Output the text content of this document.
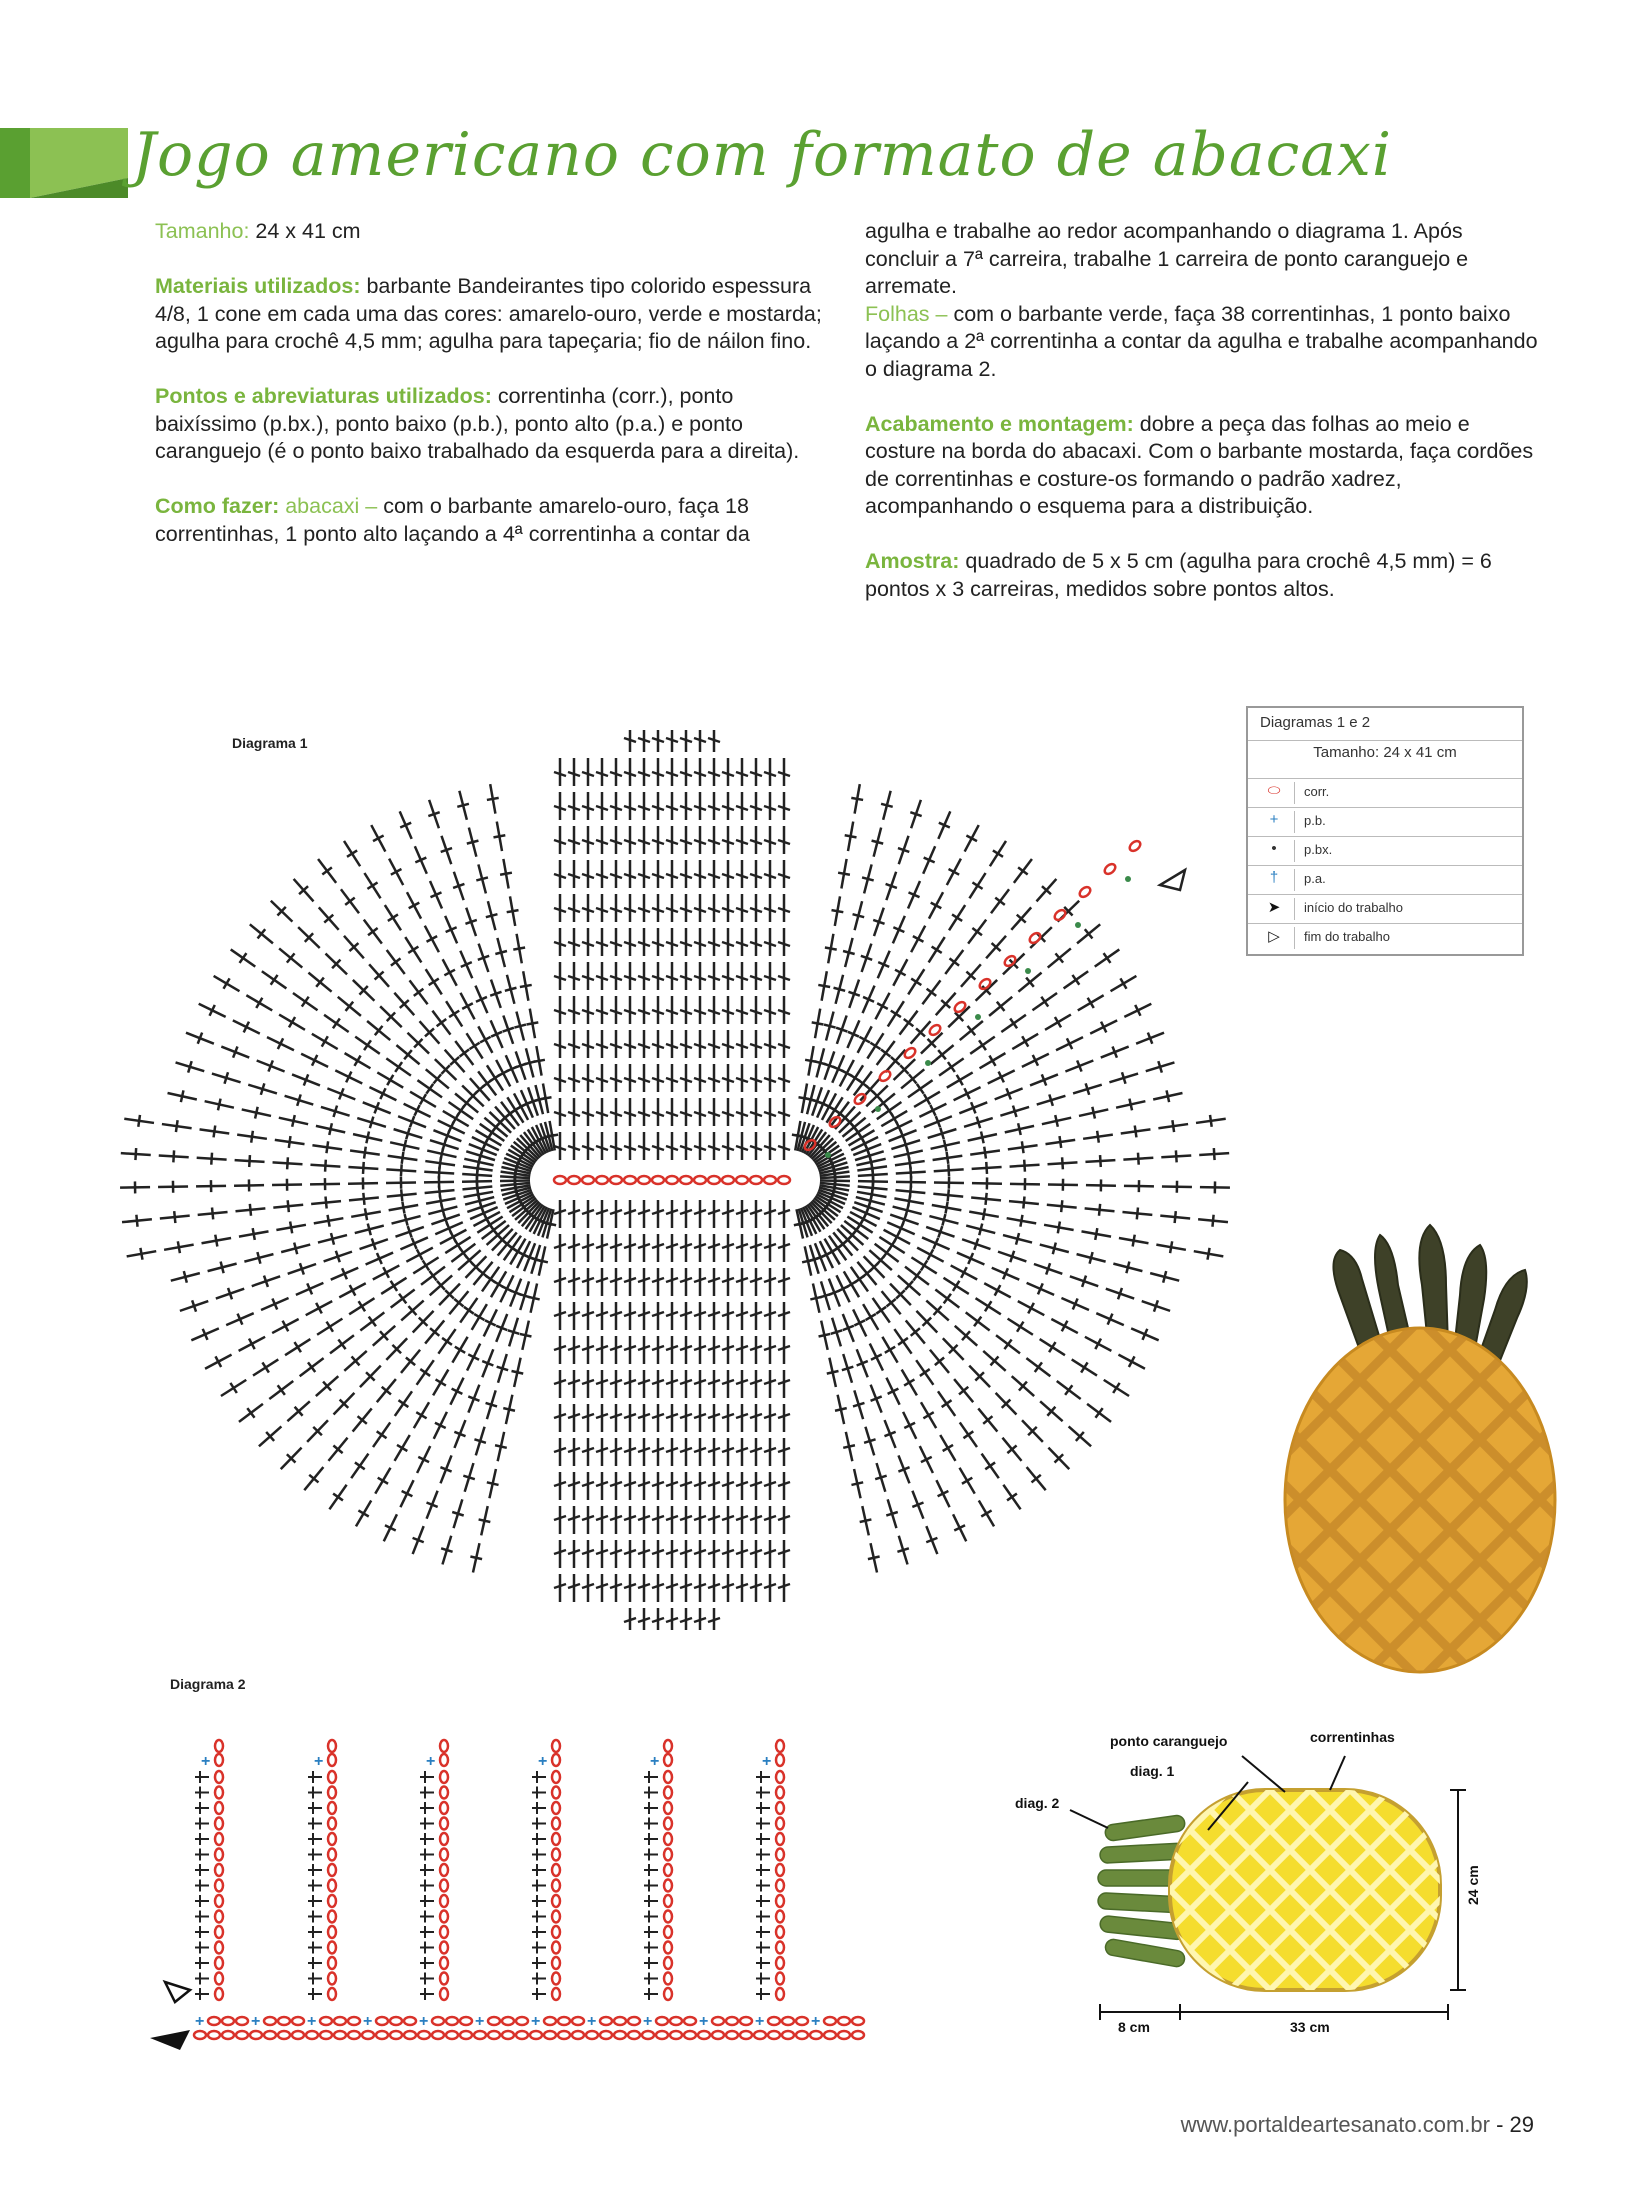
Jogo americano com formato de abacaxi

Tamanho: 24 x 41 cm

Materiais utilizados: barbante Bandeirantes tipo colorido espessura 4/8, 1 cone em cada uma das cores: amarelo-ouro, verde e mostarda; agulha para crochê 4,5 mm; agulha para tapeçaria; fio de náilon fino.

Pontos e abreviaturas utilizados: correntinha (corr.), ponto baixíssimo (p.bx.), ponto baixo (p.b.), ponto alto (p.a.) e ponto caranguejo (é o ponto baixo trabalhado da esquerda para a direita).

Como fazer: abacaxi – com o barbante amarelo-ouro, faça 18 correntinhas, 1 ponto alto laçando a 4ª correntinha a contar da

agulha e trabalhe ao redor acompanhando o diagrama 1. Após concluir a 7ª carreira, trabalhe 1 carreira de ponto caranguejo e arremate.

Folhas – com o barbante verde, faça 38 correntinhas, 1 ponto baixo laçando a 2ª correntinha a contar da agulha e trabalhe acompanhando o diagrama 2.

Acabamento e montagem: dobre a peça das folhas ao meio e costure na borda do abacaxi. Com o barbante mostarda, faça cordões de correntinhas e costure-os formando o padrão xadrez, acompanhando o esquema para a distribuição.

Amostra: quadrado de 5 x 5 cm (agulha para crochê 4,5 mm) = 6 pontos x 3 carreiras, medidos sobre pontos altos.

Diagrama 1
Diagramas 1 e 2
Tamanho: 24 x 41 cm
⬭	corr.
+	p.b.
•	p.bx.
†	p.a.
➤	início do trabalho
▷	fim do trabalho
Diagrama 2
+	+	+	+	+	+	+	+	+	+	+	+
+	+	+	+	+	+
ponto caranguejo	correntinhas
diag. 1
diag. 2
24 cm
8 cm	33 cm
www.portaldeartesanato.com.br - 29
